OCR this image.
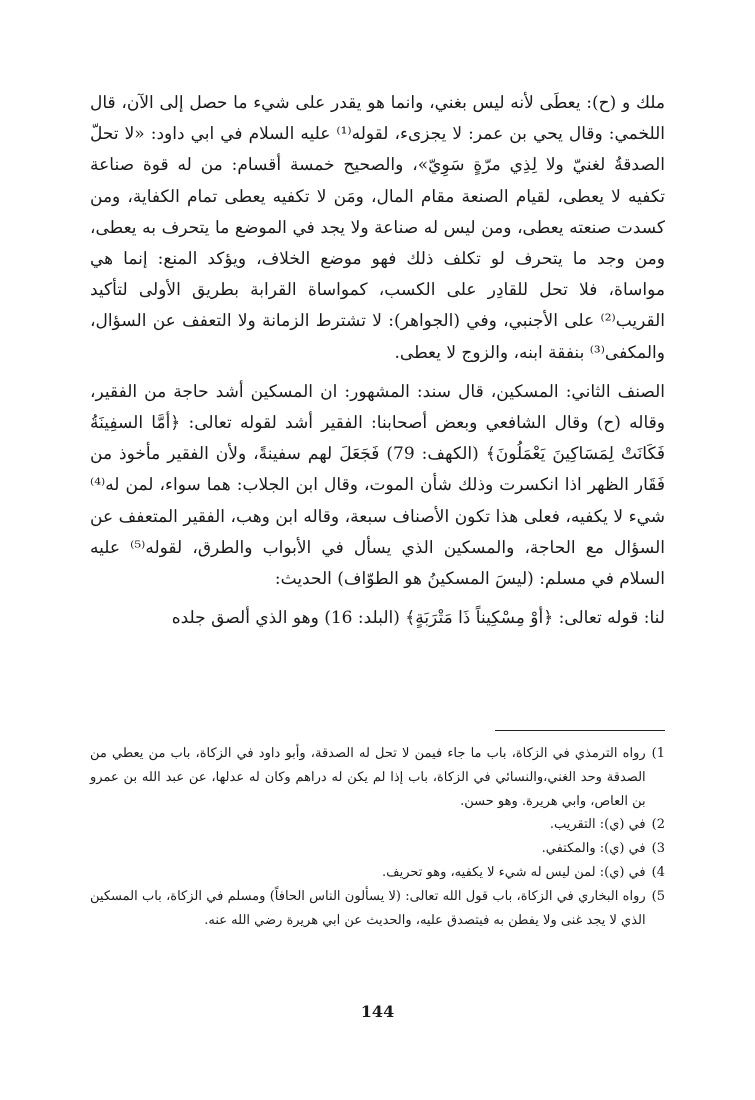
ملك و (ح): يعطَى لأنه ليس بغني، وانما هو يقدر على شيء ما حصل إلى الآن، قال اللخمي: وقال يحي بن عمر: لا يجزىء، لقوله⁽¹⁾ عليه السلام في ابي داود: «لا تحلّ الصدقةُ لغنيّ ولا لِذِي مرّةٍ سَوِيّ»، والصحيح خمسة أقسام: من له قوة صناعة تكفيه لا يعطى، لقيام الصنعة مقام المال، ومَن لا تكفيه يعطى تمام الكفاية، ومن كسدت صنعته يعطى، ومن ليس له صناعة ولا يجد في الموضع ما يتحرف به يعطى، ومن وجد ما يتحرف لو تكلف ذلك فهو موضع الخلاف، ويؤكد المنع: إنما هي مواساة، فلا تحل للقادِر على الكسب، كمواساة القرابة بطريق الأولى لتأكيد القريب⁽²⁾ على الأجنبي، وفي (الجواهر): لا تشترط الزمانة ولا التعفف عن السؤال، والمكفى⁽³⁾ بنفقة ابنه، والزوج لا يعطى.

الصنف الثاني: المسكين، قال سند: المشهور: ان المسكين أشد حاجة من الفقير، وقاله (ح) وقال الشافعي وبعض أصحابنا: الفقير أشد لقوله تعالى: ﴿أمَّا السفِينَةُ فَكَانَتْ لِمَسَاكِينَ يَعْمَلُونَ﴾ (الكهف: 79) فَجَعَلَ لهم سفينةً، ولأن الفقير مأخوذ من فَقَار الظهر اذا انكسرت وذلك شأن الموت، وقال ابن الجلاب: هما سواء، لمن له⁽⁴⁾ شيء لا يكفيه، فعلى هذا تكون الأصناف سبعة، وقاله ابن وهب، الفقير المتعفف عن السؤال مع الحاجة، والمسكين الذي يسأل في الأبواب والطرق، لقوله⁽⁵⁾ عليه السلام في مسلم: (ليسَ المسكينُ هو الطوّاف) الحديث:

لنا: قوله تعالى: ﴿أوْ مِسْكِيناً ذَا مَتْرَبَةٍ﴾ (البلد: 16) وهو الذي ألصق جلده

1)
رواه الترمذي في الزكاة، باب ما جاء فيمن لا تحل له الصدقة، وأبو داود في الزكاة، باب من يعطي من الصدقة وحد الغني،والنسائي في الزكاة، باب إذا لم يكن له دراهم وكان له عدلها، عن عبد الله بن عمرو بن العاص، وابي هريرة. وهو حسن.
2)
في (ي): التقريب.
3)
في (ي): والمكتفي.
4)
في (ي): لمن ليس له شيء لا يكفيه، وهو تحريف.
5)
رواه البخاري في الزكاة، باب قول الله تعالى: (لا يسألون الناس الحافاً) ومسلم في الزكاة، باب المسكين الذي لا يجد غنى ولا يفطن به فيتصدق عليه، والحديث عن ابي هريرة رضي الله عنه.
144
